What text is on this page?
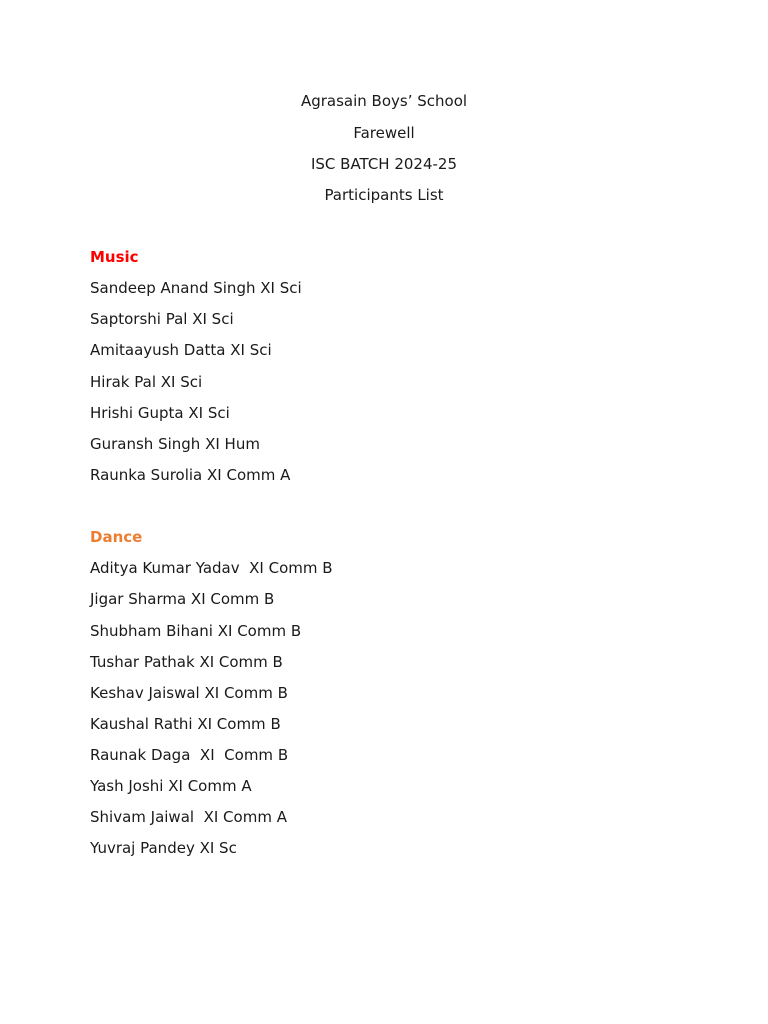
Agrasain Boys’ School
Farewell
ISC BATCH 2024-25
Participants List
Music
Sandeep Anand Singh XI Sci
Saptorshi Pal XI Sci
Amitaayush Datta XI Sci
Hirak Pal XI Sci
Hrishi Gupta XI Sci
Guransh Singh XI Hum
Raunka Surolia XI Comm A
Dance
Aditya Kumar Yadav  XI Comm B
Jigar Sharma XI Comm B
Shubham Bihani XI Comm B
Tushar Pathak XI Comm B
Keshav Jaiswal XI Comm B
Kaushal Rathi XI Comm B
Raunak Daga  XI  Comm B
Yash Joshi XI Comm A
Shivam Jaiwal  XI Comm A
Yuvraj Pandey XI Sc
